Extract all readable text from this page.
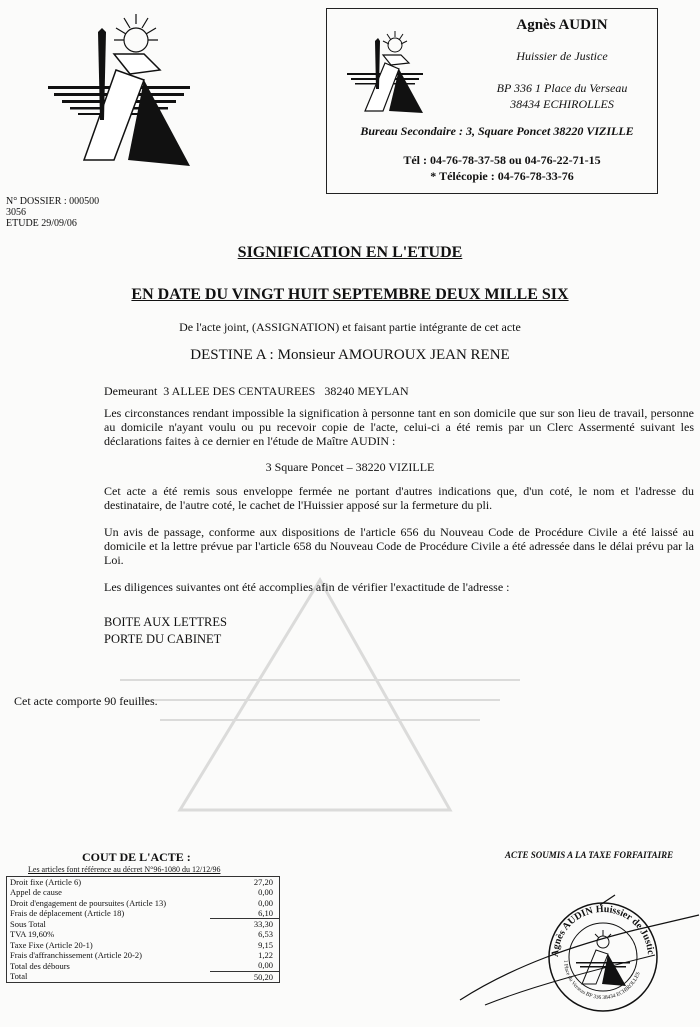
Agnès AUDIN
Huissier de Justice
BP 336 1 Place du Verseau
38434 ECHIROLLES
Bureau Secondaire : 3, Square Poncet 38220 VIZILLE
Tél : 04-76-78-37-58 ou 04-76-22-71-15
* Télécopie : 04-76-78-33-76
N° DOSSIER : 000500
3056
ETUDE 29/09/06
SIGNIFICATION EN L'ETUDE
EN DATE DU VINGT HUIT SEPTEMBRE DEUX MILLE SIX
De l'acte joint, (ASSIGNATION) et faisant partie intégrante de cet acte
DESTINE A : Monsieur AMOUROUX JEAN RENE
Demeurant  3 ALLEE DES CENTAUREES   38240 MEYLAN
Les circonstances rendant impossible la signification à personne tant en son domicile que sur son lieu de travail, personne au domicile n'ayant voulu ou pu recevoir copie de l'acte, celui-ci a été remis par un Clerc Assermenté suivant les déclarations faites à ce dernier en l'étude de Maître AUDIN :
3 Square Poncet – 38220 VIZILLE
Cet acte a été remis sous enveloppe fermée ne portant d'autres indications que, d'un coté, le nom et l'adresse du destinataire, de l'autre coté, le cachet de l'Huissier apposé sur la fermeture du pli.
Un avis de passage, conforme aux dispositions de l'article 656 du Nouveau Code de Procédure Civile a été laissé au domicile et la lettre prévue par l'article 658 du Nouveau Code de Procédure Civile a été adressée dans le délai prévu par la Loi.
Les diligences suivantes ont été accomplies afin de vérifier l'exactitude de l'adresse :
BOITE AUX LETTRES
PORTE DU CABINET
Cet acte comporte 90 feuilles.
COUT DE L'ACTE :
Les articles font référence au décret N°96-1080 du 12/12/96
Droit fixe (Article 6)	27,20
Appel de cause	0,00
Droit d'engagement de poursuites (Article 13)	0,00
Frais de déplacement (Article 18)	6,10
Sous Total	33,30
TVA 19,60%	6,53
Taxe Fixe (Article 20-1)	9,15
Frais d'affranchissement (Article 20-2)	1,22
Total des débours	0,00
Total	50,20
ACTE SOUMIS A LA TAXE FORFAITAIRE
Agnès AUDIN Huissier de Justic
1 Place du Verseau BP 336 38434 ECHIROLLES
